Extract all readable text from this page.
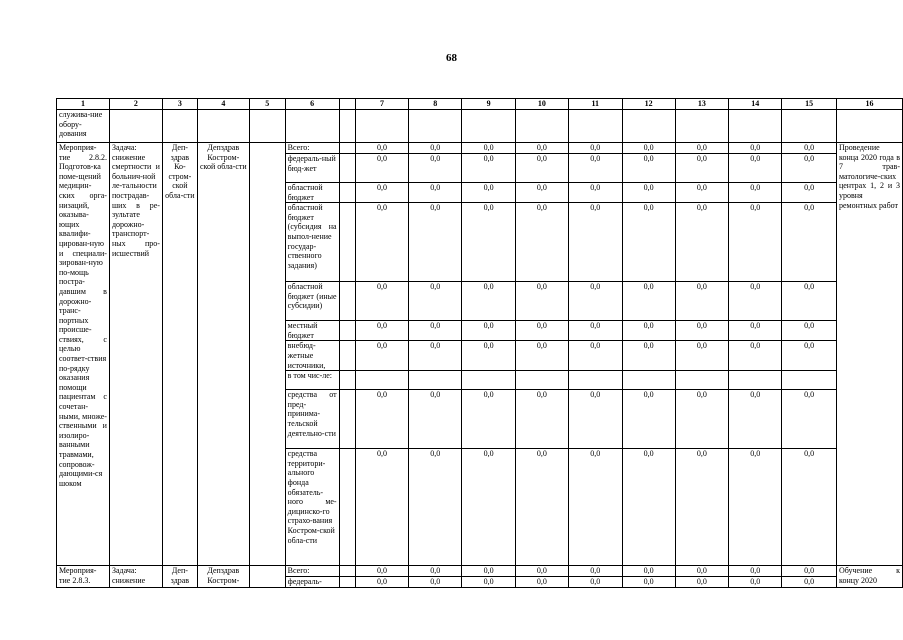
68
1	2	3	4	5	6		7	8	9	10	11	12	13	14	15	16
служива-ние обору-дования																
Мероприя-тие 2.8.2. Подготов-ка поме-щений медицин-ских орга-низаций, оказыва-ющих квалифи-цирован-ную и специали-зирован-ную по-мощь постра-давшим в дорожно-транс-портных происше-ствиях, с целью соответ-ствия по-рядку оказания помощи пациентам с сочетан-ными, множе-ственными и изолиро-ванными травмами, сопровож-дающими-ся шоком	Задача: снижение смертности и больнич-ной ле-тальности пострадав-ших в ре-зультате дорожно-транспорт-ных про-исшествий	Деп-здрав Ко-стром-ской обла-сти	Депздрав Костром-ской обла-сти		Всего:		0,0	0,0	0,0	0,0	0,0	0,0	0,0	0,0	0,0	Проведение конца 2020 года в 7 трав-матологиче-ских центрах 1, 2 и 3 уровня ремонтных работ
					федераль-ный бюд-жет		0,0	0,0	0,0	0,0	0,0	0,0	0,0	0,0	0,0	
					областной бюджет		0,0	0,0	0,0	0,0	0,0	0,0	0,0	0,0	0,0	
					областной бюджет (субсидия на выпол-нение государ-ственного задания)		0,0	0,0	0,0	0,0	0,0	0,0	0,0	0,0	0,0	
					областной бюджет (иные субсидии)		0,0	0,0	0,0	0,0	0,0	0,0	0,0	0,0	0,0	
					местный бюджет		0,0	0,0	0,0	0,0	0,0	0,0	0,0	0,0	0,0	
					внебюд-жетные источники,		0,0	0,0	0,0	0,0	0,0	0,0	0,0	0,0	0,0	
					в том чис-ле:											
					средства от пред-принима-тельской деятельно-сти		0,0	0,0	0,0	0,0	0,0	0,0	0,0	0,0	0,0	
					средства территори-ального фонда обязатель-ного ме-дицинско-го страхо-вания Костром-ской обла-сти		0,0	0,0	0,0	0,0	0,0	0,0	0,0	0,0	0,0	
Мероприя-тие 2.8.3.	Задача: снижение	Деп-здрав	Депздрав Костром-		Всего:		0,0	0,0	0,0	0,0	0,0	0,0	0,0	0,0	0,0	Обучение к концу 2020
					федераль-		0,0	0,0	0,0	0,0	0,0	0,0	0,0	0,0	0,0	
